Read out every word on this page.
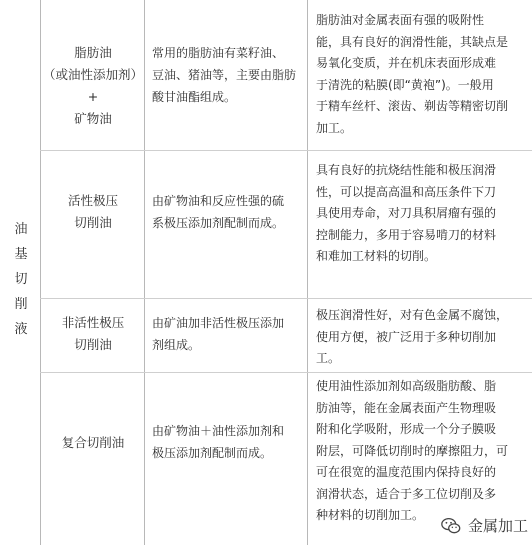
油
基
切
削
液
脂肪油
（或油性添加剂）+
矿物油
常用的脂肪油有菜籽油、
豆油、猪油等，主要由脂肪
酸甘油酯组成。
脂肪油对金属表面有强的吸附性
能，具有良好的润滑性能，其缺点是
易氧化变质，并在机床表面形成难
于清洗的粘膜(即“黄袍”)。一般用
于精车丝杆、滚齿、剃齿等精密切削
加工。
活性极压
切削油
由矿物油和反应性强的硫
系极压添加剂配制而成。
具有良好的抗烧结性能和极压润滑
性，可以提高高温和高压条件下刀
具使用寿命，对刀具积屑瘤有强的
控制能力，多用于容易啃刀的材料
和难加工材料的切削。
非活性极压
切削油
由矿油加非活性极压添加
剂组成。
极压润滑性好，对有色金属不腐蚀，
使用方便，被广泛用于多种切削加
工。
复合切削油
由矿物油＋油性添加剂和
极压添加剂配制而成。
使用油性添加剂如高级脂肪酸、脂
肪油等，能在金属表面产生物理吸
附和化学吸附，形成一个分子膜吸
附层，可降低切削时的摩擦阻力，可
可在很宽的温度范围内保持良好的
润滑状态，适合于多工位切削及多
种材料的切削加工。
金属加工
